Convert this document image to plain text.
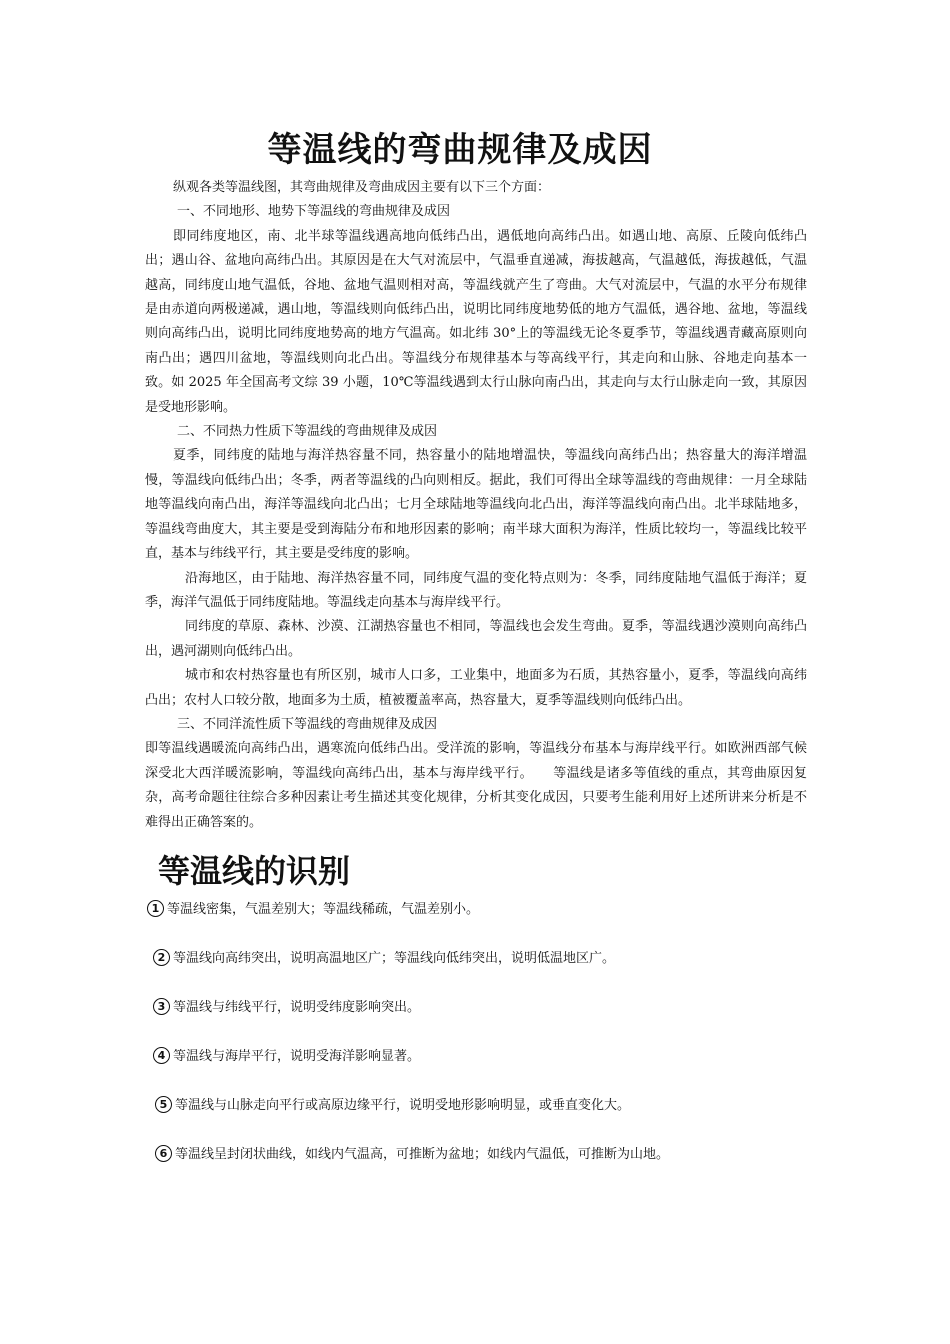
等温线的弯曲规律及成因

纵观各类等温线图，其弯曲规律及弯曲成因主要有以下三个方面：

一、不同地形、地势下等温线的弯曲规律及成因

即同纬度地区，南、北半球等温线遇高地向低纬凸出，遇低地向高纬凸出。如遇山地、高原、丘陵向低纬凸出；遇山谷、盆地向高纬凸出。其原因是在大气对流层中，气温垂直递减，海拔越高，气温越低，海拔越低，气温越高，同纬度山地气温低，谷地、盆地气温则相对高，等温线就产生了弯曲。大气对流层中，气温的水平分布规律是由赤道向两极递减，遇山地，等温线则向低纬凸出，说明比同纬度地势低的地方气温低，遇谷地、盆地，等温线则向高纬凸出，说明比同纬度地势高的地方气温高。如北纬 30°上的等温线无论冬夏季节，等温线遇青藏高原则向南凸出；遇四川盆地，等温线则向北凸出。等温线分布规律基本与等高线平行，其走向和山脉、谷地走向基本一致。如 2025 年全国高考文综 39 小题，10℃等温线遇到太行山脉向南凸出，其走向与太行山脉走向一致，其原因是受地形影响。

二、不同热力性质下等温线的弯曲规律及成因

夏季，同纬度的陆地与海洋热容量不同，热容量小的陆地增温快，等温线向高纬凸出；热容量大的海洋增温慢，等温线向低纬凸出；冬季，两者等温线的凸向则相反。据此，我们可得出全球等温线的弯曲规律：一月全球陆地等温线向南凸出，海洋等温线向北凸出；七月全球陆地等温线向北凸出，海洋等温线向南凸出。北半球陆地多，等温线弯曲度大，其主要是受到海陆分布和地形因素的影响；南半球大面积为海洋，性质比较均一，等温线比较平直，基本与纬线平行，其主要是受纬度的影响。

沿海地区，由于陆地、海洋热容量不同，同纬度气温的变化特点则为：冬季，同纬度陆地气温低于海洋；夏季，海洋气温低于同纬度陆地。等温线走向基本与海岸线平行。

同纬度的草原、森林、沙漠、江湖热容量也不相同，等温线也会发生弯曲。夏季，等温线遇沙漠则向高纬凸出，遇河湖则向低纬凸出。

城市和农村热容量也有所区别，城市人口多，工业集中，地面多为石质，其热容量小，夏季，等温线向高纬凸出；农村人口较分散，地面多为土质，植被覆盖率高，热容量大，夏季等温线则向低纬凸出。

三、不同洋流性质下等温线的弯曲规律及成因

即等温线遇暖流向高纬凸出，遇寒流向低纬凸出。受洋流的影响，等温线分布基本与海岸线平行。如欧洲西部气候深受北大西洋暖流影响，等温线向高纬凸出，基本与海岸线平行。　　等温线是诸多等值线的重点，其弯曲原因复杂，高考命题往往综合多种因素让考生描述其变化规律，分析其变化成因，只要考生能利用好上述所讲来分析是不难得出正确答案的。

等温线的识别
1 等温线密集，气温差别大；等温线稀疏，气温差别小。
2 等温线向高纬突出，说明高温地区广；等温线向低纬突出，说明低温地区广。
3 等温线与纬线平行，说明受纬度影响突出。
4 等温线与海岸平行，说明受海洋影响显著。
5 等温线与山脉走向平行或高原边缘平行，说明受地形影响明显，或垂直变化大。
6 等温线呈封闭状曲线，如线内气温高，可推断为盆地；如线内气温低，可推断为山地。
